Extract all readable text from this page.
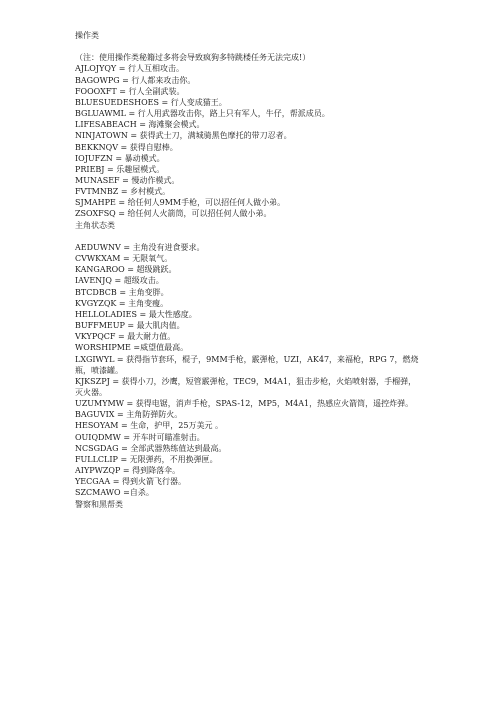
操作类
（注：使用操作类秘籍过多将会导致疯狗多特跳楼任务无法完成!）
AJLOJYQY = 行人互相攻击。
BAGOWPG = 行人都来攻击你。
FOOOXFT = 行人全副武装。
BLUESUEDESHOES = 行人变成猫王。
BGLUAWML = 行人用武器攻击你，路上只有军人，牛仔，帮派成员。
LIFESABEACH = 海滩聚会模式。
NINJATOWN = 获得武士刀，满城骑黑色摩托的带刀忍者。
BEKKNQV = 获得自慰棒。
IOJUFZN = 暴动模式。
PRIEBJ = 乐趣屋模式。
MUNASEF = 慢动作模式。
FVTMNBZ = 乡村模式。
SJMAHPE = 给任何人9MM手枪，可以招任何人做小弟。
ZSOXFSQ = 给任何人火箭筒，可以招任何人做小弟。
主角状态类
AEDUWNV = 主角没有进食要求。
CVWKXAM = 无限氧气。
KANGAROO = 超级跳跃。
IAVENJQ = 超级攻击。
BTCDBCB = 主角变胖。
KVGYZQK = 主角变瘦。
HELLOLADIES = 最大性感度。
BUFFMEUP = 最大肌肉值。
VKYPQCF = 最大耐力值。
WORSHIPME =威望值最高。
LXGIWYL = 获得指节套环，棍子，9MM手枪，霰弹枪，UZI，AK47，来福枪，RPG 7，燃烧瓶，喷漆罐。
KJKSZPJ = 获得小刀，沙鹰，短管霰弹枪，TEC9，M4A1，狙击步枪，火焰喷射器，手榴弹，灭火器。
UZUMYMW = 获得电锯，消声手枪，SPAS-12，MP5，M4A1，热感应火箭筒，遥控炸弹。
BAGUVIX = 主角防弹防火。
HESOYAM = 生命，护甲，25万美元 。
OUIQDMW = 开车时可瞄准射击。
NCSGDAG = 全部武器熟练值达到最高。
FULLCLIP = 无限弹药，不用换弹匣。
AIYPWZQP = 得到降落伞。
YECGAA = 得到火箭飞行器。
SZCMAWO =自杀。
警察和黑帮类
